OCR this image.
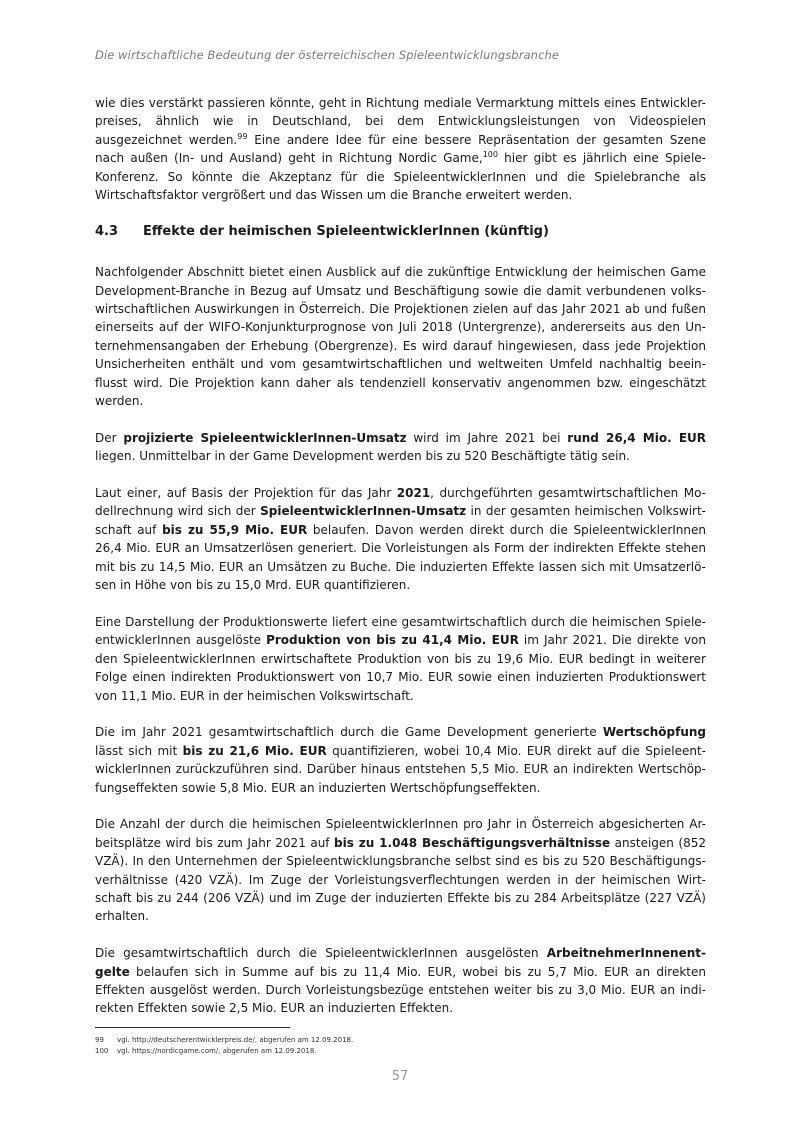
Die wirtschaftliche Bedeutung der österreichischen Spieleentwicklungsbranche

wie dies verstärkt passieren könnte, geht in Richtung mediale Vermarktung mittels eines Entwickler-preises, ähnlich wie in Deutschland, bei dem Entwicklungsleistungen von Videospielen ausgezeichnet werden.$^{99}$ Eine andere Idee für eine bessere Repräsentation der gesamten Szene nach außen (In- und Ausland) geht in Richtung Nordic Game,$^{100}$ hier gibt es jährlich eine Spiele-Konferenz. So könnte die Akzeptanz für die SpieleentwicklerInnen und die Spielebranche als Wirtschaftsfaktor vergrößert und das Wissen um die Branche erweitert werden.

4.3	Effekte der heimischen SpieleentwicklerInnen (künftig)

Nachfolgender Abschnitt bietet einen Ausblick auf die zukünftige Entwicklung der heimischen Game Development-Branche in Bezug auf Umsatz und Beschäftigung sowie die damit verbundenen volks-wirtschaftlichen Auswirkungen in Österreich. Die Projektionen zielen auf das Jahr 2021 ab und fußen einerseits auf der WIFO-Konjunkturprognose von Juli 2018 (Untergrenze), andererseits aus den Un-ternehmensangaben der Erhebung (Obergrenze). Es wird darauf hingewiesen, dass jede Projektion Unsicherheiten enthält und vom gesamtwirtschaftlichen und weltweiten Umfeld nachhaltig beein-flusst wird. Die Projektion kann daher als tendenziell konservativ angenommen bzw. eingeschätzt werden.

Der projizierte SpieleentwicklerInnen-Umsatz wird im Jahre 2021 bei rund 26,4 Mio. EUR liegen. Unmittelbar in der Game Development werden bis zu 520 Beschäftigte tätig sein.

Laut einer, auf Basis der Projektion für das Jahr 2021, durchgeführten gesamtwirtschaftlichen Mo-dellrechnung wird sich der SpieleentwicklerInnen-Umsatz in der gesamten heimischen Volkswirt-schaft auf bis zu 55,9 Mio. EUR belaufen. Davon werden direkt durch die SpieleentwicklerInnen 26,4 Mio. EUR an Umsatzerlösen generiert. Die Vorleistungen als Form der indirekten Effekte stehen mit bis zu 14,5 Mio. EUR an Umsätzen zu Buche. Die induzierten Effekte lassen sich mit Umsatzerlö-sen in Höhe von bis zu 15,0 Mrd. EUR quantifizieren.

Eine Darstellung der Produktionswerte liefert eine gesamtwirtschaftlich durch die heimischen Spiele-entwicklerInnen ausgelöste Produktion von bis zu 41,4 Mio. EUR im Jahr 2021. Die direkte von den SpieleentwicklerInnen erwirtschaftete Produktion von bis zu 19,6 Mio. EUR bedingt in weiterer Folge einen indirekten Produktionswert von 10,7 Mio. EUR sowie einen induzierten Produktionswert von 11,1 Mio. EUR in der heimischen Volkswirtschaft.

Die im Jahr 2021 gesamtwirtschaftlich durch die Game Development generierte Wertschöpfung lässt sich mit bis zu 21,6 Mio. EUR quantifizieren, wobei 10,4 Mio. EUR direkt auf die Spieleent-wicklerInnen zurückzuführen sind. Darüber hinaus entstehen 5,5 Mio. EUR an indirekten Wertschöp-fungseffekten sowie 5,8 Mio. EUR an induzierten Wertschöpfungseffekten.

Die Anzahl der durch die heimischen SpieleentwicklerInnen pro Jahr in Österreich abgesicherten Ar-beitsplätze wird bis zum Jahr 2021 auf bis zu 1.048 Beschäftigungsverhältnisse ansteigen (852 VZÄ). In den Unternehmen der Spieleentwicklungsbranche selbst sind es bis zu 520 Beschäftigungs-verhältnisse (420 VZÄ). Im Zuge der Vorleistungsverflechtungen werden in der heimischen Wirt-schaft bis zu 244 (206 VZÄ) und im Zuge der induzierten Effekte bis zu 284 Arbeitsplätze (227 VZÄ) erhalten.

Die gesamtwirtschaftlich durch die SpieleentwicklerInnen ausgelösten ArbeitnehmerInnenent-gelte belaufen sich in Summe auf bis zu 11,4 Mio. EUR, wobei bis zu 5,7 Mio. EUR an direkten Effekten ausgelöst werden. Durch Vorleistungsbezüge entstehen weiter bis zu 3,0 Mio. EUR an indi-rekten Effekten sowie 2,5 Mio. EUR an induzierten Effekten.

99	vgl. http://deutscherentwicklerpreis.de/, abgerufen am 12.09.2018.
100	vgl. https://nordicgame.com/, abgerufen am 12.09.2018.
57
